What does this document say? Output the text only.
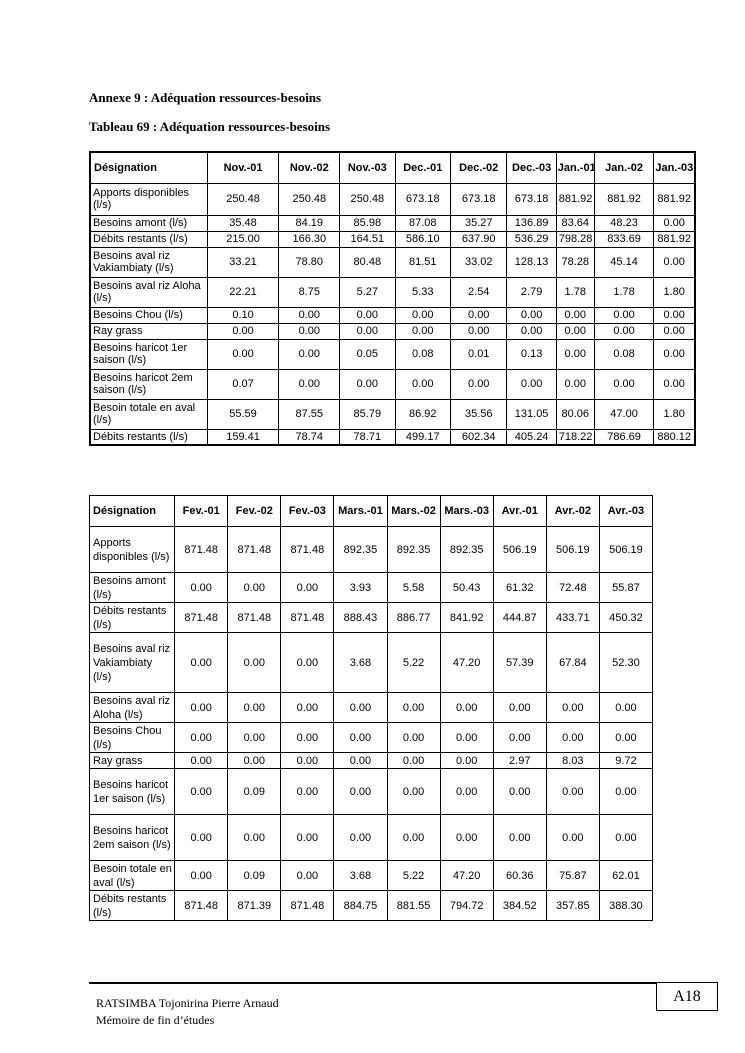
Annexe 9 : Adéquation ressources-besoins
Tableau 69 : Adéquation ressources-besoins
Désignation	Nov.-01	Nov.-02	Nov.-03	Dec.-01	Dec.-02	Dec.-03	Jan.-01	Jan.-02	Jan.-03
Apports disponibles (l/s)	250.48	250.48	250.48	673.18	673.18	673.18	881.92	881.92	881.92
Besoins amont (l/s)	35.48	84.19	85.98	87.08	35.27	136.89	83.64	48.23	0.00
Débits restants (l/s)	215.00	166.30	164.51	586.10	637.90	536.29	798.28	833.69	881.92
Besoins aval riz Vakiambiaty (l/s)	33.21	78.80	80.48	81.51	33.02	128.13	78.28	45.14	0.00
Besoins aval riz Aloha (l/s)	22.21	8.75	5.27	5.33	2.54	2.79	1.78	1.78	1.80
Besoins Chou (l/s)	0.10	0.00	0.00	0.00	0.00	0.00	0.00	0.00	0.00
Ray grass	0.00	0.00	0.00	0.00	0.00	0.00	0.00	0.00	0.00
Besoins haricot 1er saison (l/s)	0.00	0.00	0.05	0.08	0.01	0.13	0.00	0.08	0.00
Besoins haricot 2em saison (l/s)	0.07	0.00	0.00	0.00	0.00	0.00	0.00	0.00	0.00
Besoin totale en aval (l/s)	55.59	87.55	85.79	86.92	35.56	131.05	80.06	47.00	1.80
Débits restants (l/s)	159.41	78.74	78.71	499.17	602.34	405.24	718.22	786.69	880.12
Désignation	Fev.-01	Fev.-02	Fev.-03	Mars.-01	Mars.-02	Mars.-03	Avr.-01	Avr.-02	Avr.-03
Apports disponibles (l/s)	871.48	871.48	871.48	892.35	892.35	892.35	506.19	506.19	506.19
Besoins amont (l/s)	0.00	0.00	0.00	3.93	5.58	50.43	61.32	72.48	55.87
Débits restants (l/s)	871.48	871.48	871.48	888.43	886.77	841.92	444.87	433.71	450.32
Besoins aval riz Vakiambiaty (l/s)	0.00	0.00	0.00	3.68	5.22	47.20	57.39	67.84	52.30
Besoins aval riz Aloha (l/s)	0.00	0.00	0.00	0.00	0.00	0.00	0.00	0.00	0.00
Besoins Chou (l/s)	0.00	0.00	0.00	0.00	0.00	0.00	0.00	0.00	0.00
Ray grass	0.00	0.00	0.00	0.00	0.00	0.00	2.97	8.03	9.72
Besoins haricot 1er saison (l/s)	0.00	0.09	0.00	0.00	0.00	0.00	0.00	0.00	0.00
Besoins haricot 2em saison (l/s)	0.00	0.00	0.00	0.00	0.00	0.00	0.00	0.00	0.00
Besoin totale en aval (l/s)	0.00	0.09	0.00	3.68	5.22	47.20	60.36	75.87	62.01
Débits restants (l/s)	871.48	871.39	871.48	884.75	881.55	794.72	384.52	357.85	388.30
RATSIMBA Tojonirina Pierre Arnaud
Mémoire de fin d’études
A18
